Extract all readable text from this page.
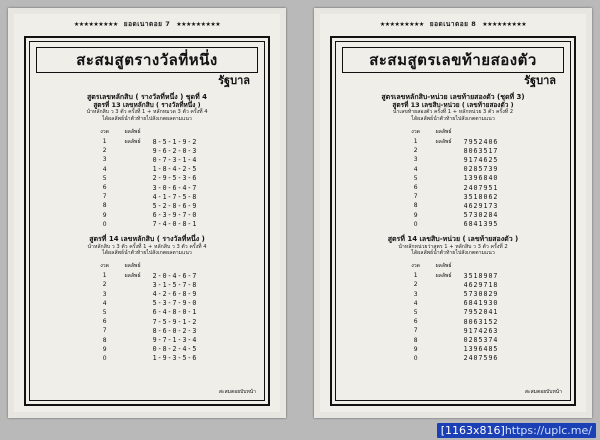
★★★★★★★★★ ยอดเนาตอย 7 ★★★★★★★★★
สะสมสูตรางวัลที่หนึ่ง
รัฐบาล
สูตรเลขหลักสิบ ( รางวัลที่หนึ่ง ) ชุดที่ 4
สูตรที่ 13 เลขหลักสิบ ( รางวัลที่หนึ่ง )
นำหลักสิบ ว 3 ตัว ครั้งที่ 1 + หลักหมวด 3 ตัว ครั้งที่ 4
ได้ผลลัพธ์นำตัวท้ายไปสังเกตผลตามแนว
งวด	ผลลัพธ์	
1	ผลลัพธ์	8-5-1-9-2
2		9-6-2-0-3
3		0-7-3-1-4
4		1-8-4-2-5
5		2-9-5-3-6
6		3-0-6-4-7
7		4-1-7-5-8
8		5-2-8-6-9
9		6-3-9-7-0
0		7-4-0-8-1
สูตรที่ 14 เลขหลักสิบ ( รางวัลที่หนึ่ง )
นำหลักสิบ ว 3 ตัว ครั้งที่ 1 + หลักสิบ ว 3 ตัว ครั้งที่ 4
ได้ผลลัพธ์นำตัวท้ายไปสังเกตผลตามแนว
งวด	ผลลัพธ์	
1	ผลลัพธ์	2-0-4-6-7
2		3-1-5-7-8
3		4-2-6-8-9
4		5-3-7-9-0
5		6-4-8-0-1
6		7-5-9-1-2
7		8-6-0-2-3
8		9-7-1-3-4
9		0-8-2-4-5
0		1-9-3-5-6
สะสมตอยบับหน้า
★★★★★★★★★ ยอดเนาตอย 8 ★★★★★★★★★
สะสมสูตรเลขท้ายสองตัว
รัฐบาล
สูตรเลขหลักสิบ-หน่วย เลขท้ายสองตัว (ชุดที่ 3)
สูตรที่ 13 เลขสิบ-หน่วย ( เลขท้ายสองตัว )
นำเลขท้ายสองตัว ครั้งที่ 1 + หลักหน่วย 3 ตัว ครั้งที่ 2
ได้ผลลัพธ์นำตัวท้ายไปสังเกตตามแนว
งวด	ผลลัพธ์	
1	ผลลัพธ์	7952406
2		8063517
3		9174625
4		0285739
5		1396840
6		2407951
7		3518062
8		4629173
9		5730284
0		6841395
สูตรที่ 14 เลขสิบ-หน่วย ( เลขท้ายสองตัว )
นำหลักหน่วยว่าสูตร 1 + หลักสิบ ว 3 ตัว ครั้งที่ 2
ได้ผลลัพธ์นำตัวท้ายไปสังเกตตามแนว
งวด	ผลลัพธ์	
1	ผลลัพธ์	3518907
2		4629718
3		5730829
4		6841930
5		7952041
6		8063152
7		9174263
8		0285374
9		1396485
0		2407596
สะสมตอยบับหน้า
[1163x816]https://uplc.me/
